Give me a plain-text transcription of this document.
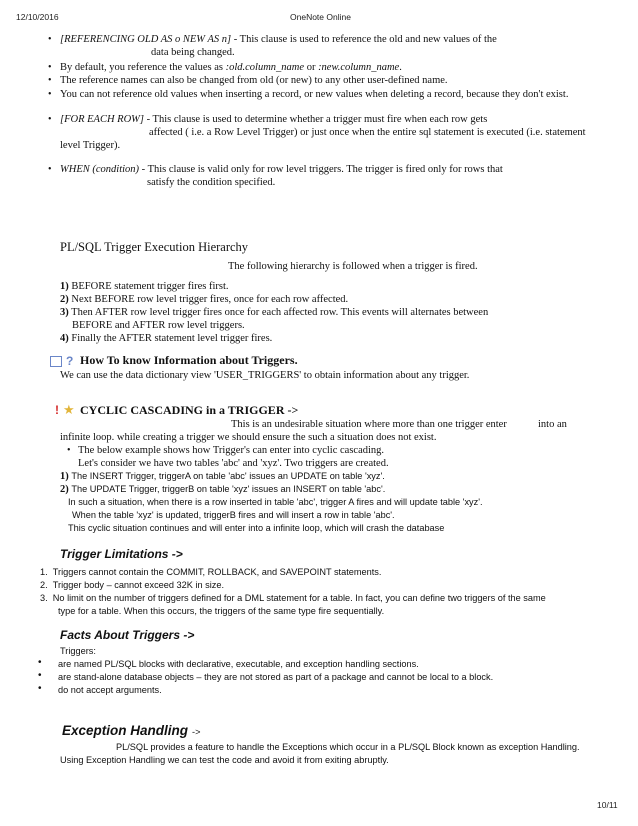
12/10/2016	OneNote Online
• [REFERENCING OLD AS o NEW AS n] - This clause is used to reference the old and new values of the
data being changed.
• By default, you reference the values as :old.column_name or :new.column_name.
• The reference names can also be changed from old (or new) to any other user-defined name.
• You can not reference old values when inserting a record, or new values when deleting a record, because they don't exist.
• [FOR EACH ROW] - This clause is used to determine whether a trigger must fire when each row gets
affected ( i.e. a Row Level Trigger) or just once when the entire sql statement is executed (i.e. statement
level Trigger).
• WHEN (condition) - This clause is valid only for row level triggers. The trigger is fired only for rows that
satisfy the condition specified.
PL/SQL Trigger Execution Hierarchy
The following hierarchy is followed when a trigger is fired.
1) BEFORE statement trigger fires first.
2) Next BEFORE row level trigger fires, once for each row affected.
3) Then AFTER row level trigger fires once for each affected row. This events will alternates between
BEFORE and AFTER row level triggers.
4) Finally the AFTER statement level trigger fires.
? How To know Information about Triggers.
We can use the data dictionary view 'USER_TRIGGERS' to obtain information about any trigger.
! ★ CYCLIC CASCADING in a TRIGGER ->
This is an undesirable situation where more than one trigger enter	into an
infinite loop. while creating a trigger we should ensure the such a situation does not exist.
• The below example shows how Trigger's can enter into cyclic cascading.
Let's consider we have two tables 'abc' and 'xyz'. Two triggers are created.
1) The INSERT Trigger, triggerA on table 'abc' issues an UPDATE on table 'xyz'.
2) The UPDATE Trigger, triggerB on table 'xyz' issues an INSERT on table 'abc'.
In such a situation, when there is a row inserted in table 'abc', trigger A fires and will update table 'xyz'.
When the table 'xyz' is updated, triggerB fires and will insert a row in table 'abc'.
This cyclic situation continues and will enter into a infinite loop, which will crash the database
Trigger Limitations ->
1. Triggers cannot contain the COMMIT, ROLLBACK, and SAVEPOINT statements.
2. Trigger body – cannot exceed 32K in size.
3. No limit on the number of triggers defined for a DML statement for a table. In fact, you can define two triggers of the same
type for a table. When this occurs, the triggers of the same type fire sequentially.
Facts About Triggers ->
Triggers:
• are named PL/SQL blocks with declarative, executable, and exception handling sections.
• are stand-alone database objects – they are not stored as part of a package and cannot be local to a block.
• do not accept arguments.
Exception Handling ->
PL/SQL provides a feature to handle the Exceptions which occur in a PL/SQL Block known as exception Handling.
Using Exception Handling we can test the code and avoid it from exiting abruptly.
10/11
